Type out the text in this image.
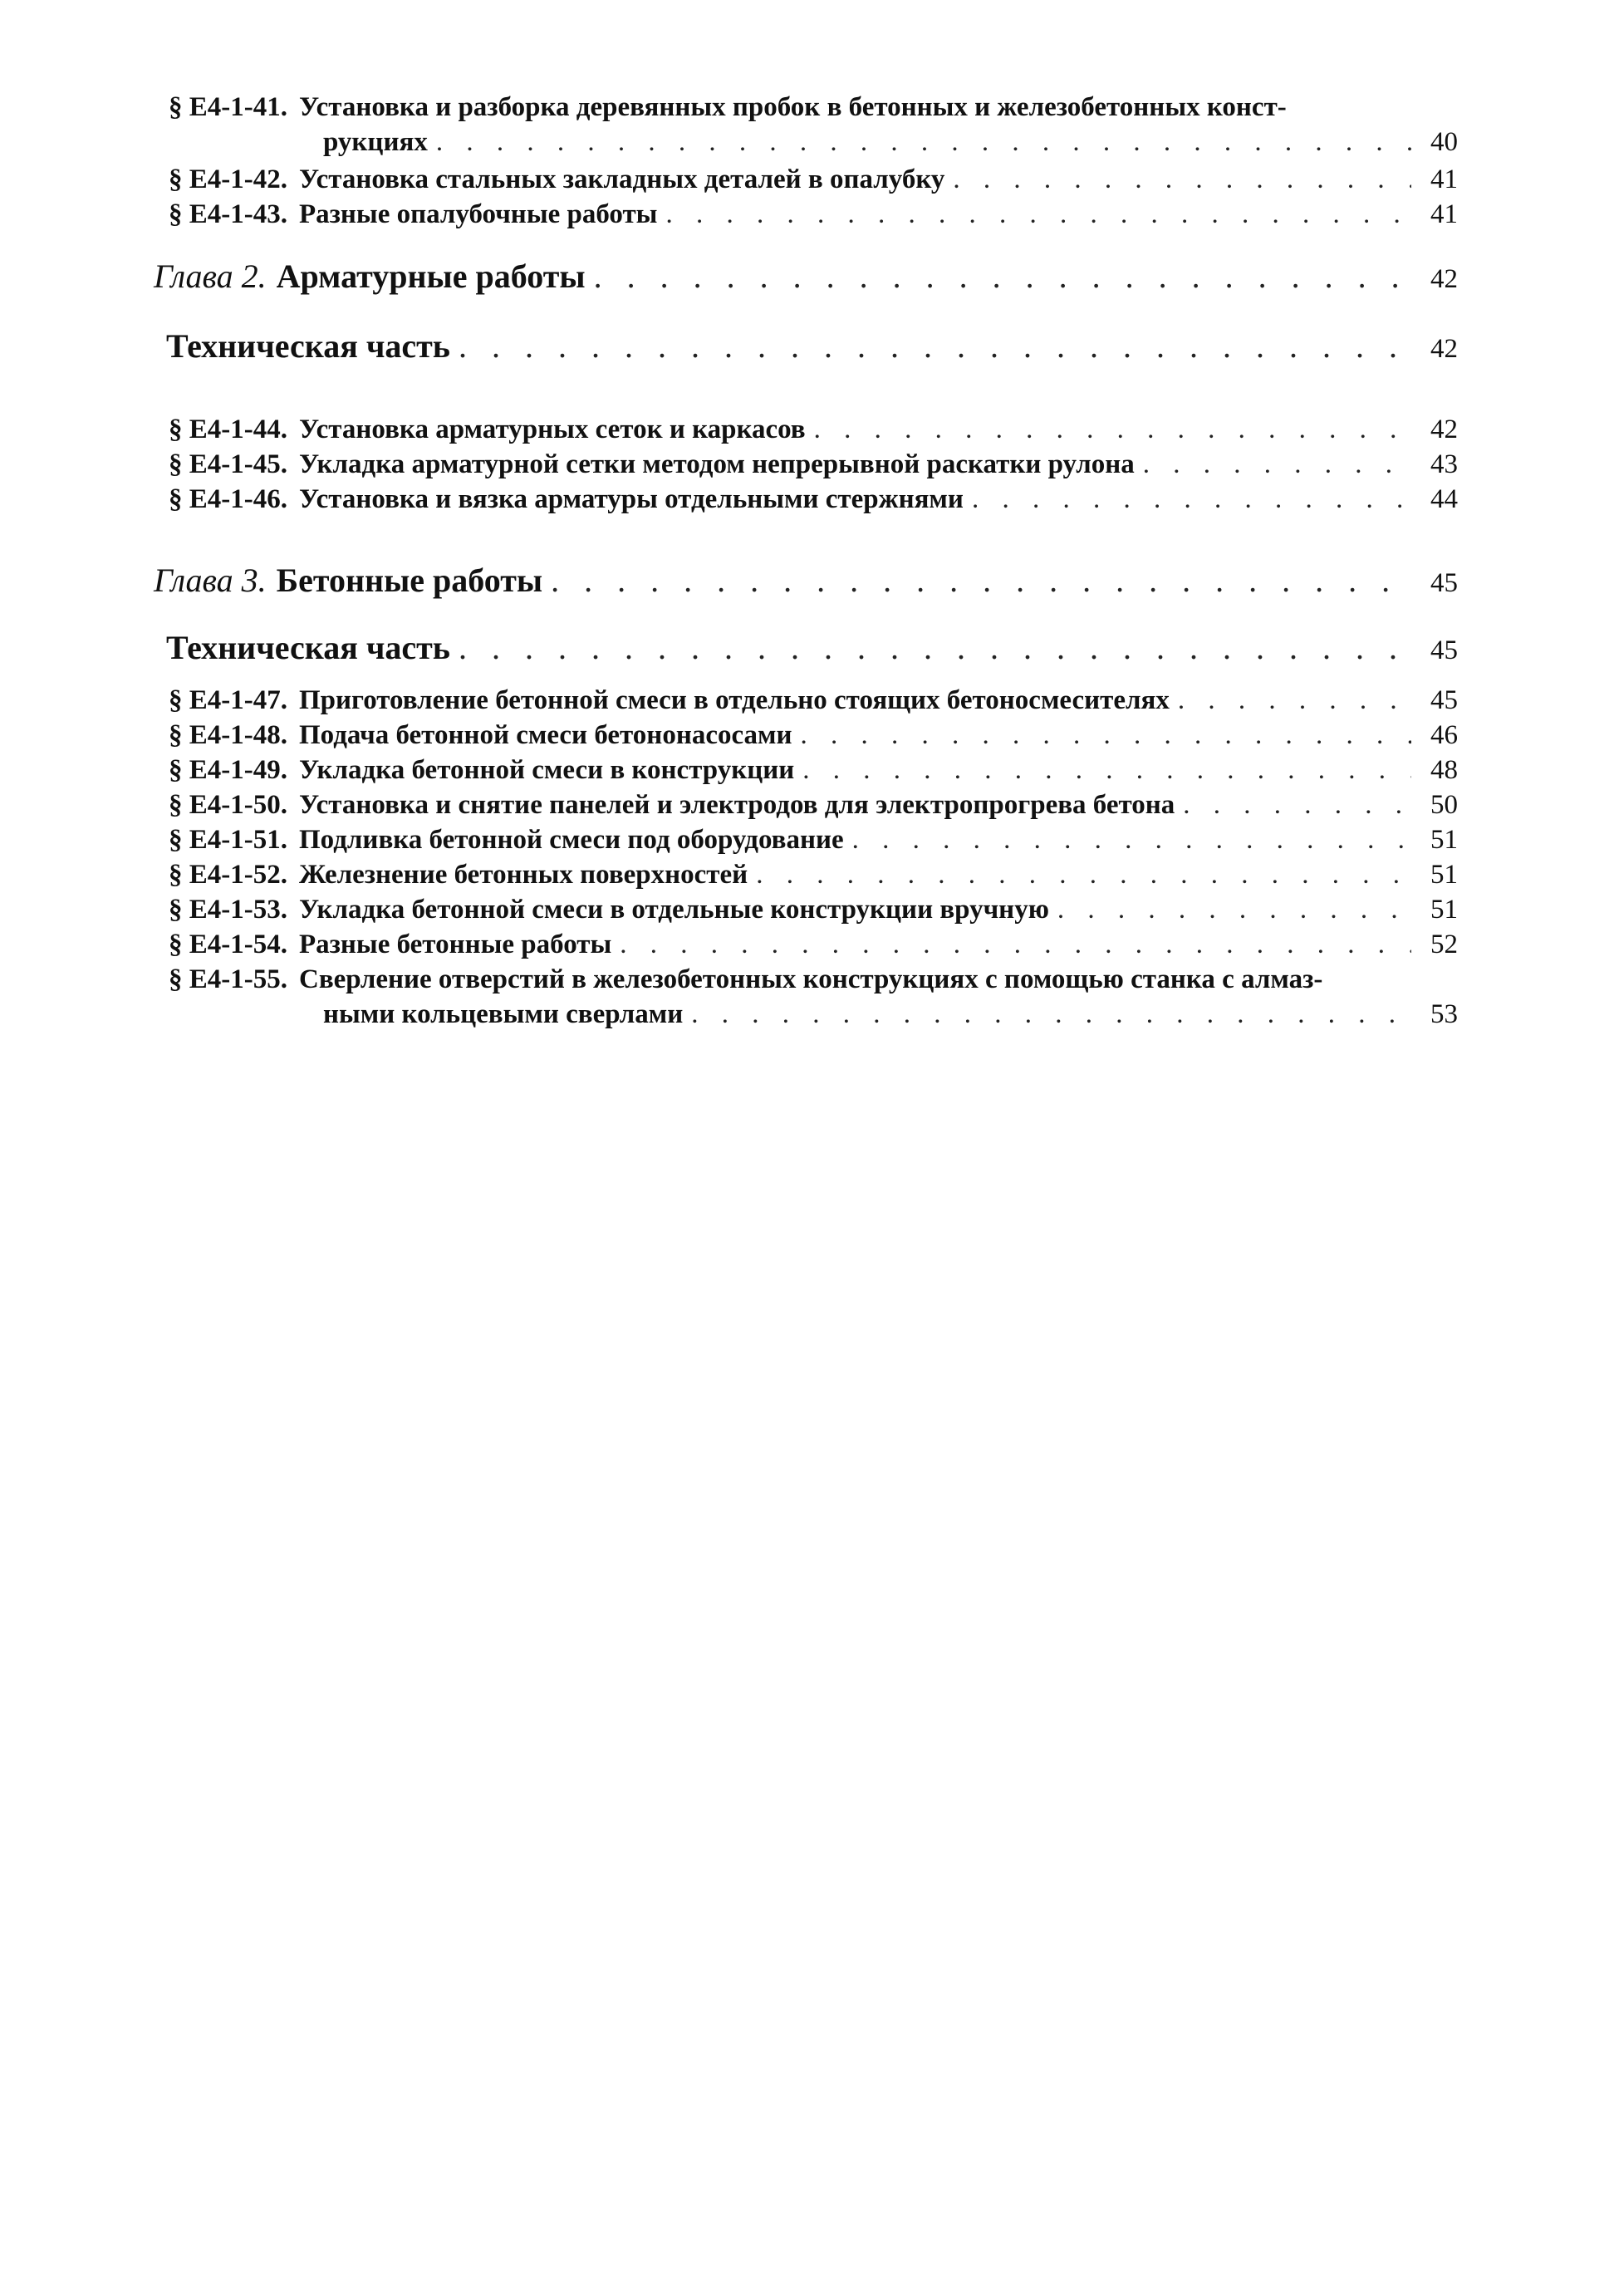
§ Е4-1-41. Установка и разборка деревянных пробок в бетонных и железобетонных конст-
рукциях . . .	40
§ Е4-1-42. Установка стальных закладных деталей в опалубку . . .	41
§ Е4-1-43. Разные опалубочные работы . . .	41
Глава 2. Арматурные работы . . .	42
Техническая часть . . .	42
§ Е4-1-44. Установка арматурных сеток и каркасов . . .	42
§ Е4-1-45. Укладка арматурной сетки методом непрерывной раскатки рулона . . .	43
§ Е4-1-46. Установка и вязка арматуры отдельными стержнями . . .	44
Глава 3. Бетонные работы . . .	45
Техническая часть . . .	45
§ Е4-1-47. Приготовление бетонной смеси в отдельно стоящих бетоносмесителях . . .	45
§ Е4-1-48. Подача бетонной смеси бетононасосами . . .	46
§ Е4-1-49. Укладка бетонной смеси в конструкции . . .	48
§ Е4-1-50. Установка и снятие панелей и электродов для электропрогрева бетона . . .	50
§ Е4-1-51. Подливка бетонной смеси под оборудование . . .	51
§ Е4-1-52. Железнение бетонных поверхностей . . .	51
§ Е4-1-53. Укладка бетонной смеси в отдельные конструкции вручную . . .	51
§ Е4-1-54. Разные бетонные работы . . .	52
§ Е4-1-55. Сверление отверстий в железобетонных конструкциях с помощью станка с алмаз-
ными кольцевыми сверлами . . .	53
